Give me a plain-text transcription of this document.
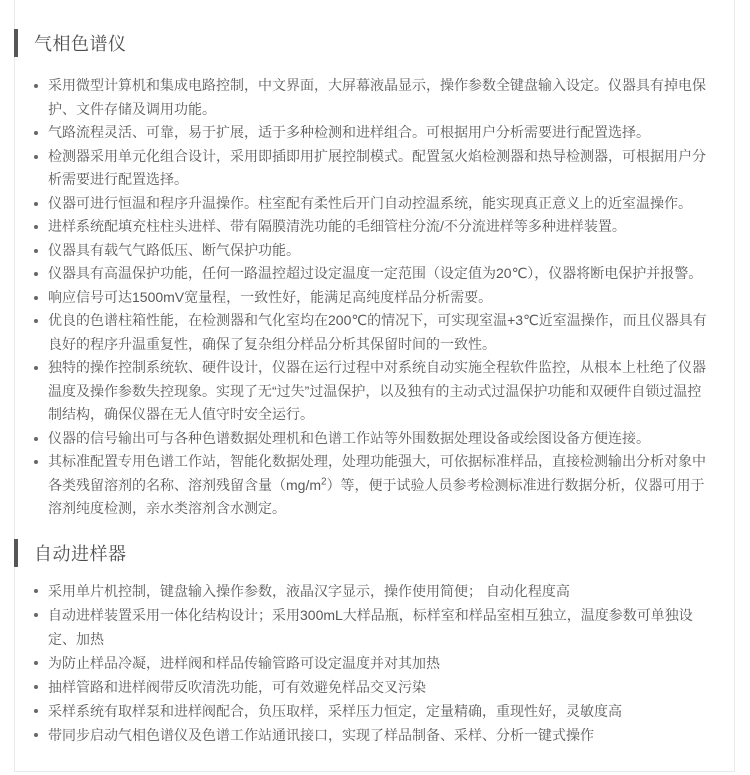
气相色谱仪
采用微型计算机和集成电路控制，中文界面，大屏幕液晶显示，操作参数全键盘输入设定。仪器具有掉电保护、文件存储及调用功能。
气路流程灵活、可靠，易于扩展，适于多种检测和进样组合。可根据用户分析需要进行配置选择。
检测器采用单元化组合设计，采用即插即用扩展控制模式。配置氢火焰检测器和热导检测器，可根据用户分析需要进行配置选择。
仪器可进行恒温和程序升温操作。柱室配有柔性后开门自动控温系统，能实现真正意义上的近室温操作。
进样系统配填充柱柱头进样、带有隔膜清洗功能的毛细管柱分流/不分流进样等多种进样装置。
仪器具有载气气路低压、断气保护功能。
仪器具有高温保护功能，任何一路温控超过设定温度一定范围（设定值为20℃），仪器将断电保护并报警。
响应信号可达1500mV宽量程，一致性好，能满足高纯度样品分析需要。
优良的色谱柱箱性能，在检测器和气化室均在200℃的情况下，可实现室温+3℃近室温操作，而且仪器具有良好的程序升温重复性，确保了复杂组分样品分析其保留时间的一致性。
独特的操作控制系统软、硬件设计，仪器在运行过程中对系统自动实施全程软件监控，从根本上杜绝了仪器温度及操作参数失控现象。实现了无“过失”过温保护，以及独有的主动式过温保护功能和双硬件自锁过温控制结构，确保仪器在无人值守时安全运行。
仪器的信号输出可与各种色谱数据处理机和色谱工作站等外围数据处理设备或绘图设备方便连接。
其标准配置专用色谱工作站，智能化数据处理，处理功能强大，可依据标准样品，直接检测输出分析对象中各类残留溶剂的名称、溶剂残留含量$(mg/m^2)$等，便于试验人员参考检测标准进行数据分析，仪器可用于溶剂纯度检测，亲水类溶剂含水测定。
自动进样器
采用单片机控制，键盘输入操作参数，液晶汉字显示，操作使用简便； 自动化程度高
自动进样装置采用一体化结构设计；采用300mL大样品瓶，标样室和样品室相互独立，温度参数可单独设定、加热
为防止样品冷凝，进样阀和样品传输管路可设定温度并对其加热
抽样管路和进样阀带反吹清洗功能，可有效避免样品交叉污染
采样系统有取样泵和进样阀配合，负压取样，采样压力恒定，定量精确，重现性好，灵敏度高
带同步启动气相色谱仪及色谱工作站通讯接口，实现了样品制备、采样、分析一键式操作
